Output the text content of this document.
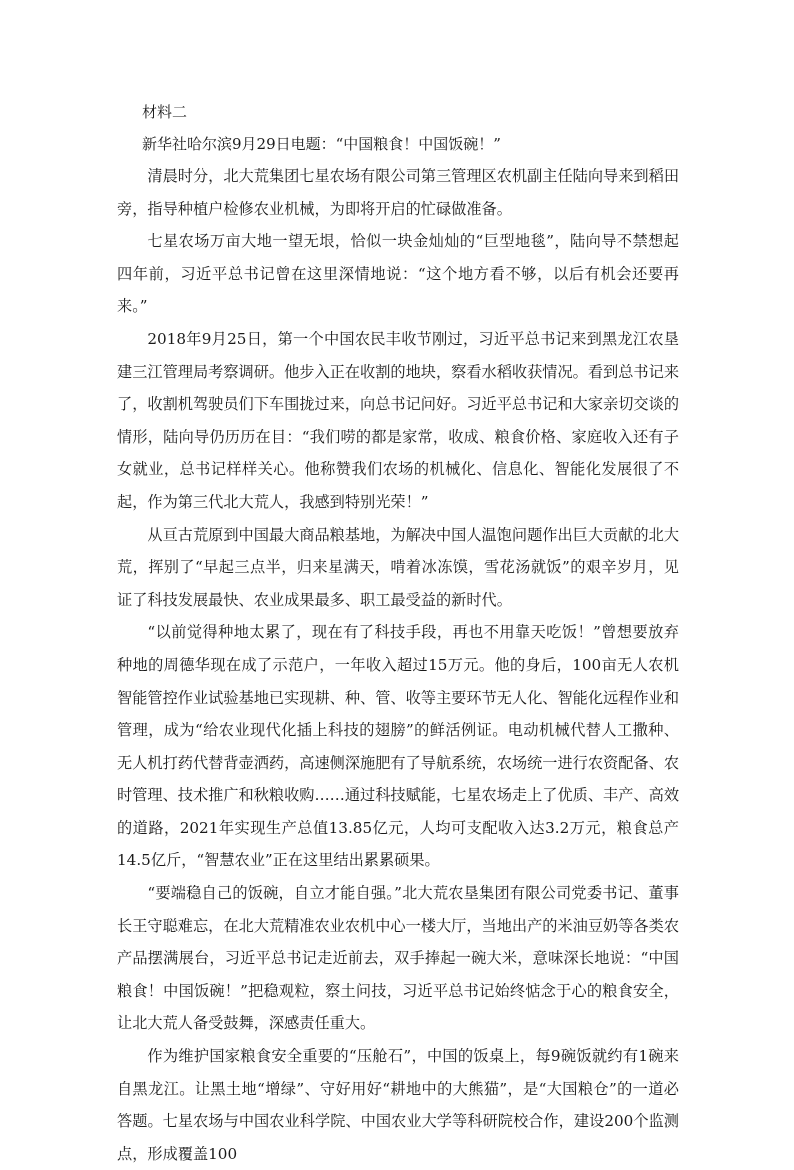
材料二
新华社哈尔滨9月29日电题：“中国粮食！中国饭碗！”

清晨时分，北大荒集团七星农场有限公司第三管理区农机副主任陆向导来到稻田旁，指导种植户检修农业机械，为即将开启的忙碌做准备。

七星农场万亩大地一望无垠，恰似一块金灿灿的“巨型地毯”，陆向导不禁想起四年前，习近平总书记曾在这里深情地说：“这个地方看不够，以后有机会还要再来。”

2018年9月25日，第一个中国农民丰收节刚过，习近平总书记来到黑龙江农垦建三江管理局考察调研。他步入正在收割的地块，察看水稻收获情况。看到总书记来了，收割机驾驶员们下车围拢过来，向总书记问好。习近平总书记和大家亲切交谈的情形，陆向导仍历历在目：“我们唠的都是家常，收成、粮食价格、家庭收入还有子女就业，总书记样样关心。他称赞我们农场的机械化、信息化、智能化发展很了不起，作为第三代北大荒人，我感到特别光荣！”

从亘古荒原到中国最大商品粮基地，为解决中国人温饱问题作出巨大贡献的北大荒，挥别了“早起三点半，归来星满天，啃着冰冻馍，雪花汤就饭”的艰辛岁月，见证了科技发展最快、农业成果最多、职工最受益的新时代。

“以前觉得种地太累了，现在有了科技手段，再也不用靠天吃饭！”曾想要放弃种地的周德华现在成了示范户，一年收入超过15万元。他的身后，100亩无人农机智能管控作业试验基地已实现耕、种、管、收等主要环节无人化、智能化远程作业和管理，成为“给农业现代化插上科技的翅膀”的鲜活例证。电动机械代替人工撒种、无人机打药代替背壶洒药，高速侧深施肥有了导航系统，农场统一进行农资配备、农时管理、技术推广和秋粮收购……通过科技赋能，七星农场走上了优质、丰产、高效的道路，2021年实现生产总值13.85亿元，人均可支配收入达3.2万元，粮食总产14.5亿斤，“智慧农业”正在这里结出累累硕果。

“要端稳自己的饭碗，自立才能自强。”北大荒农垦集团有限公司党委书记、董事长王守聪难忘，在北大荒精准农业农机中心一楼大厅，当地出产的米油豆奶等各类农产品摆满展台，习近平总书记走近前去，双手捧起一碗大米，意味深长地说：“中国粮食！中国饭碗！”把稳观粒，察土问技，习近平总书记始终惦念于心的粮食安全，让北大荒人备受鼓舞，深感责任重大。

作为维护国家粮食安全重要的“压舱石”，中国的饭桌上，每9碗饭就约有1碗来自黑龙江。让黑土地“增绿”、守好用好“耕地中的大熊猫”，是“大国粮仓”的一道必答题。七星农场与中国农业科学院、中国农业大学等科研院校合作，建设200个监测点，形成覆盖100
